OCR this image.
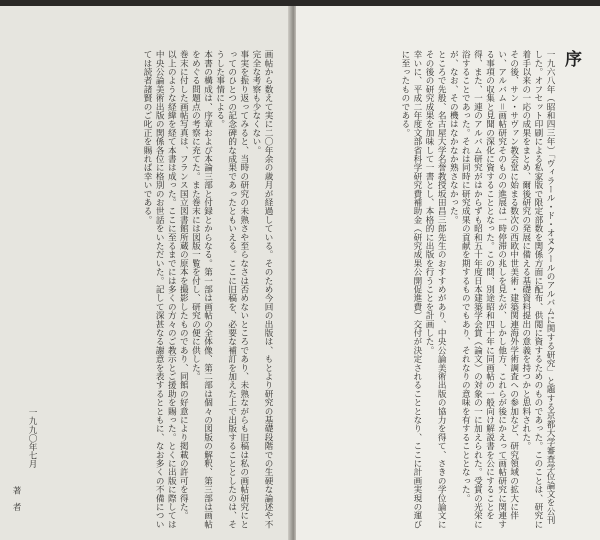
画帖から数えて実に二〇年余の歳月が経過している。そのため今回の出版は、もとより研究の基礎段階での生硬な論述や不完全な考察も少なくない。
事実を振り返ってみると、当時の研究の未熟さや至らなさは否めないところであり、未熟ながらも旧稿は私の画帖研究にとってのひとつの記念碑的な成果であったともいえる。ここに旧稿を、必要な補訂を加えた上で出版することとしたのは、そうした事情による。
本書の構成は、序章および本論三部と付録とからなる。第一部は画帖の全体像、第二部は個々の図版の解釈、第三部は画帖をめぐる問題点の考察に充てた。また巻末には図版一覧を付し、研究の便に供した。
巻末に付した画帖写真は、フランス国立図書館所蔵の原本を撮影したものであり、同館の好意により掲載の許可を得た。
以上のような経緯を経て本書は成った。ここに至るまでには多くの方々のご教示とご援助を賜った。とくに出版に際しては中央公論美術出版の関係各位に格別のお世話をいただいた。記して深甚なる謝意を表するとともに、なお多くの不備については読者諸賢のご叱正を賜れば幸いである。
一九九〇年七月
著者
序
一九六八年（昭和四三年）「ヴィラール・ド・オヌクールのアルバムに関する研究」と題する京都大学審査学位論文を公刊した。オフセット印刷による私家版で限定部数を関係方面に配布、供閲に資するためのものであった。このことは、研究に着手以来の一応の成果をまとめ、爾後研究の発展に備える基礎資料提出の意義を持つかと思料された。
その後、サン・サヴァン教会堂に始まる数次の西欧中世美術・建築関連海外学術調査への参加など、研究領域の拡大に伴い、アルバム＝画帖研究そのものの進展は一時停滞の兆しを見たが、しかし他方、これらが後にかえって画帖研究に関連する事項の収集と見聞の深化に資することとなった。この間、別途昭和四十年に同画帖の一般向け解説書を公にすることを得、また、一連のアルバム研究がはからずも昭和五十年度日本建築学会賞（論文）の対象の一に加えられた。受賞の光栄に浴することであった。それは同時に研究成果の貢献を期するものでもあり、それなりの意味を有することとなった。
が、なお、その機はなかなか熟さなかった。
ところで先般、名古屋大学名誉教授坂田昌三郎先生のおすすめがあり、中央公論美術出版の協力を得て、さきの学位論文にその後の研究成果を加味して一書とし、本格的に出版を行うことを計画した。
幸いに、平成二年度文部省科学研究費補助金（研究成果公開促進費）交付が決定されることとなり、ここに計画実現の運びに至ったものである。
